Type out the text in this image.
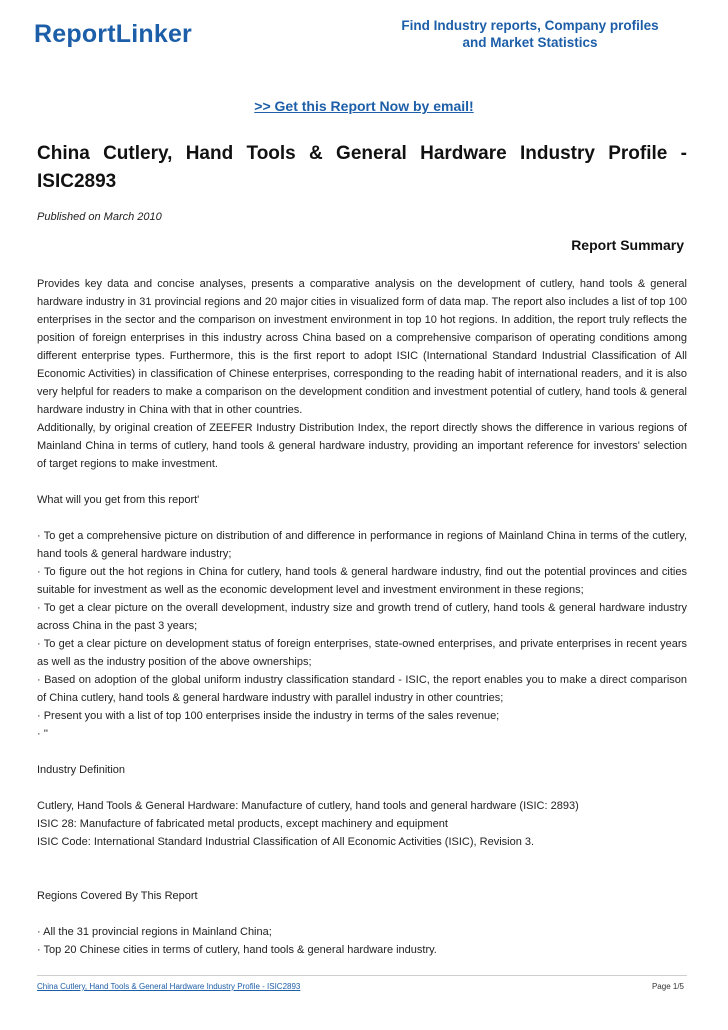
ReportLinker	Find Industry reports, Company profiles
and Market Statistics
>> Get this Report Now by email!
China Cutlery, Hand Tools & General Hardware Industry Profile - ISIC2893
Published on March 2010
Report Summary

Provides key data and concise analyses, presents a comparative analysis on the development of cutlery, hand tools & general hardware industry in 31 provincial regions and 20 major cities in visualized form of data map. The report also includes a list of top 100 enterprises in the sector and the comparison on investment environment in top 10 hot regions. In addition, the report truly reflects the position of foreign enterprises in this industry across China based on a comprehensive comparison of operating conditions among different enterprise types. Furthermore, this is the first report to adopt ISIC (International Standard Industrial Classification of All Economic Activities) in classification of Chinese enterprises, corresponding to the reading habit of international readers, and it is also very helpful for readers to make a comparison on the development condition and investment potential of cutlery, hand tools & general hardware industry in China with that in other countries.

Additionally, by original creation of ZEEFER Industry Distribution Index, the report directly shows the difference in various regions of Mainland China in terms of cutlery, hand tools & general hardware industry, providing an important reference for investors' selection of target regions to make investment.

What will you get from this report'

· To get a comprehensive picture on distribution of and difference in performance in regions of Mainland China in terms of the cutlery, hand tools & general hardware industry;

· To figure out the hot regions in China for cutlery, hand tools & general hardware industry, find out the potential provinces and cities suitable for investment as well as the economic development level and investment environment in these regions;

· To get a clear picture on the overall development, industry size and growth trend of cutlery, hand tools & general hardware industry across China in the past 3 years;

· To get a clear picture on development status of foreign enterprises, state-owned enterprises, and private enterprises in recent years as well as the industry position of the above ownerships;

· Based on adoption of the global uniform industry classification standard - ISIC, the report enables you to make a direct comparison of China cutlery, hand tools & general hardware industry with parallel industry in other countries;

· Present you with a list of top 100 enterprises inside the industry in terms of the sales revenue;

· ''

Industry Definition

Cutlery, Hand Tools & General Hardware: Manufacture of cutlery, hand tools and general hardware (ISIC: 2893)

ISIC 28: Manufacture of fabricated metal products, except machinery and equipment

ISIC Code: International Standard Industrial Classification of All Economic Activities (ISIC), Revision 3.

Regions Covered By This Report

· All the 31 provincial regions in Mainland China;

· Top 20 Chinese cities in terms of cutlery, hand tools & general hardware industry.

China Cutlery, Hand Tools & General Hardware Industry Profile - ISIC2893	Page 1/5
